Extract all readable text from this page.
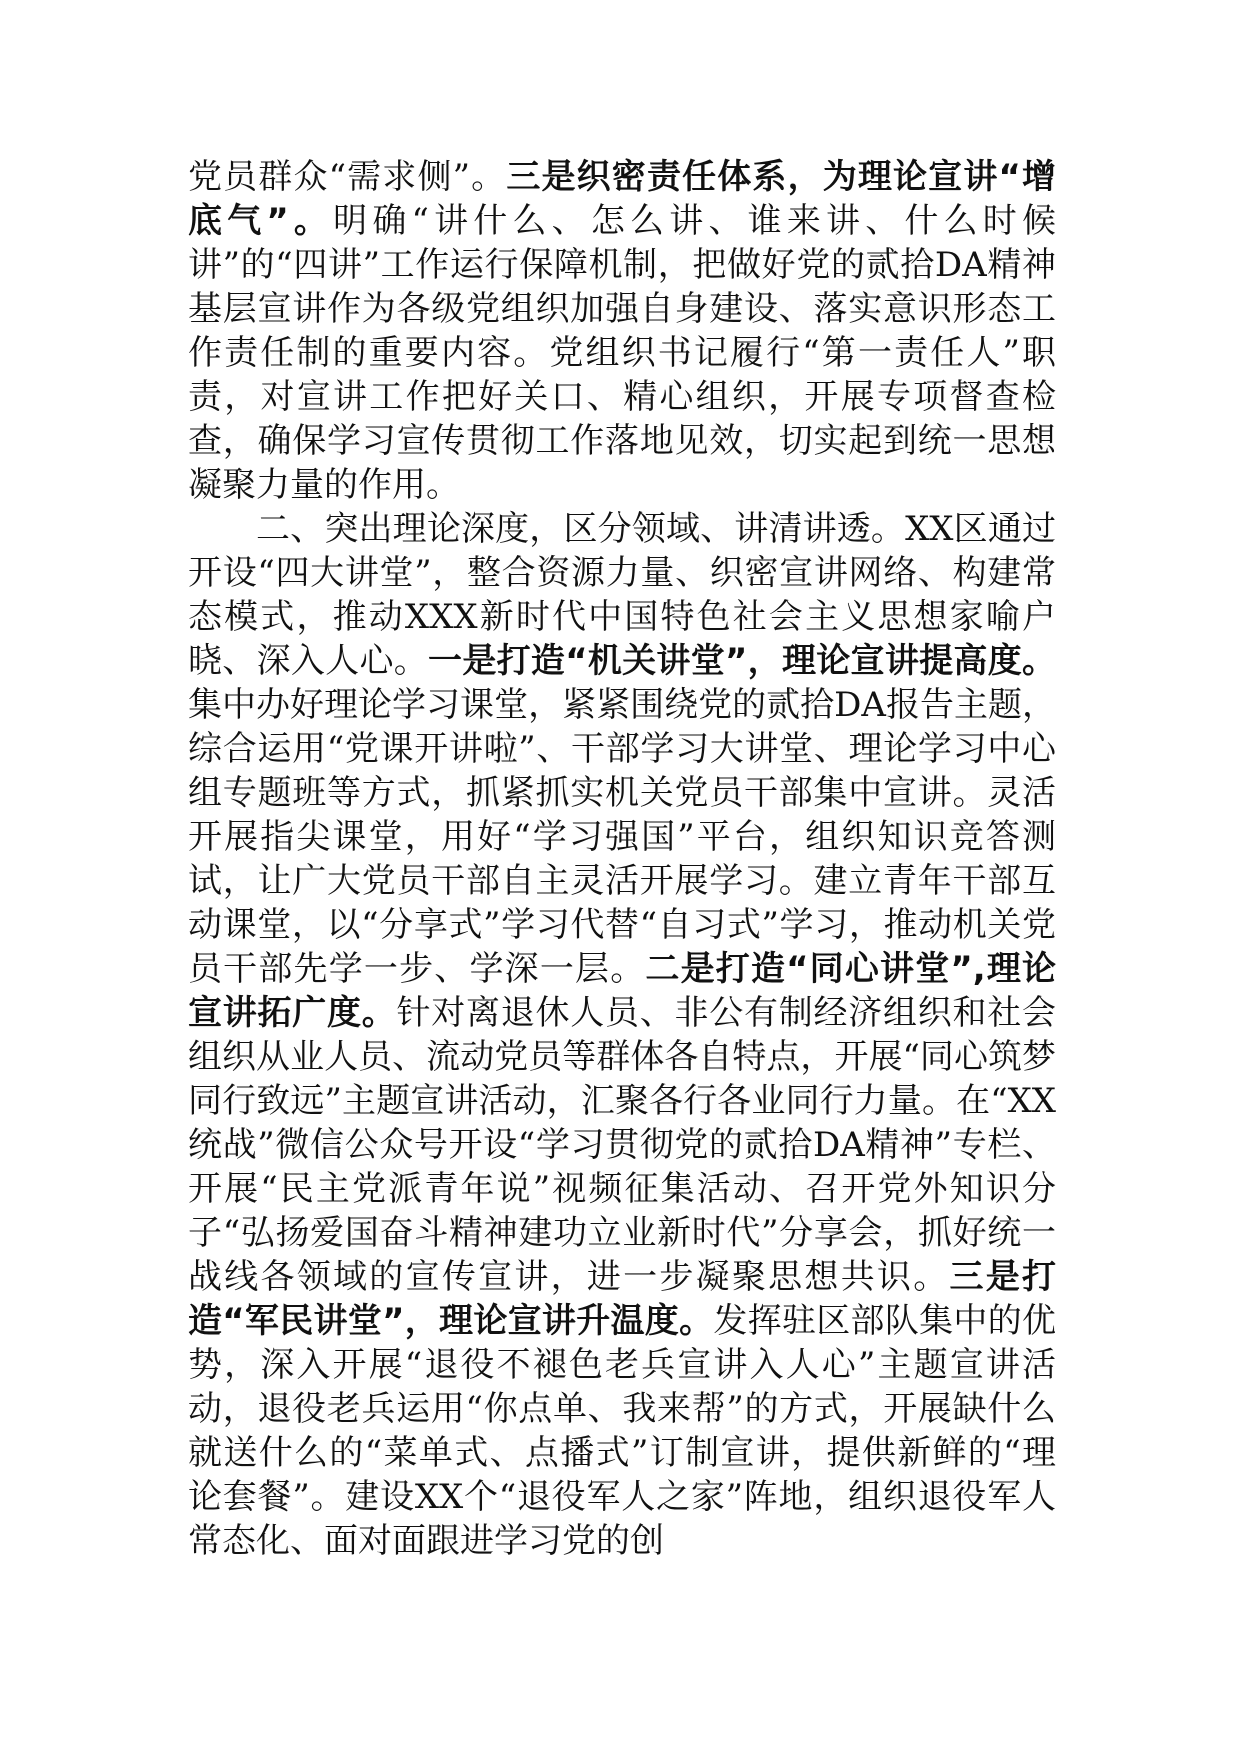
党员群众“需求侧”。三是织密责任体系，为理论宣讲“增底气”。明确“讲什么、怎么讲、谁来讲、什么时候讲”的“四讲”工作运行保障机制，把做好党的贰拾DA精神基层宣讲作为各级党组织加强自身建设、落实意识形态工作责任制的重要内容。党组织书记履行“第一责任人”职责，对宣讲工作把好关口、精心组织，开展专项督查检查，确保学习宣传贯彻工作落地见效，切实起到统一思想凝聚力量的作用。

二、突出理论深度，区分领域、讲清讲透。XX区通过开设“四大讲堂”，整合资源力量、织密宣讲网络、构建常态模式，推动XXX新时代中国特色社会主义思想家喻户晓、深入人心。一是打造“机关讲堂”，理论宣讲提高度。集中办好理论学习课堂，紧紧围绕党的贰拾DA报告主题，综合运用“党课开讲啦”、干部学习大讲堂、理论学习中心组专题班等方式，抓紧抓实机关党员干部集中宣讲。灵活开展指尖课堂，用好“学习强国”平台，组织知识竞答测试，让广大党员干部自主灵活开展学习。建立青年干部互动课堂，以“分享式”学习代替“自习式”学习，推动机关党员干部先学一步、学深一层。二是打造“同心讲堂”,理论宣讲拓广度。针对离退休人员、非公有制经济组织和社会组织从业人员、流动党员等群体各自特点，开展“同心筑梦同行致远”主题宣讲活动，汇聚各行各业同行力量。在“XX统战”微信公众号开设“学习贯彻党的贰拾DA精神”专栏、开展“民主党派青年说”视频征集活动、召开党外知识分子“弘扬爱国奋斗精神建功立业新时代”分享会，抓好统一战线各领域的宣传宣讲，进一步凝聚思想共识。三是打造“军民讲堂”，理论宣讲升温度。发挥驻区部队集中的优势，深入开展“退役不褪色老兵宣讲入人心”主题宣讲活动，退役老兵运用“你点单、我来帮”的方式，开展缺什么就送什么的“菜单式、点播式”订制宣讲，提供新鲜的“理论套餐”。建设XX个“退役军人之家”阵地，组织退役军人常态化、面对面跟进学习党的创
